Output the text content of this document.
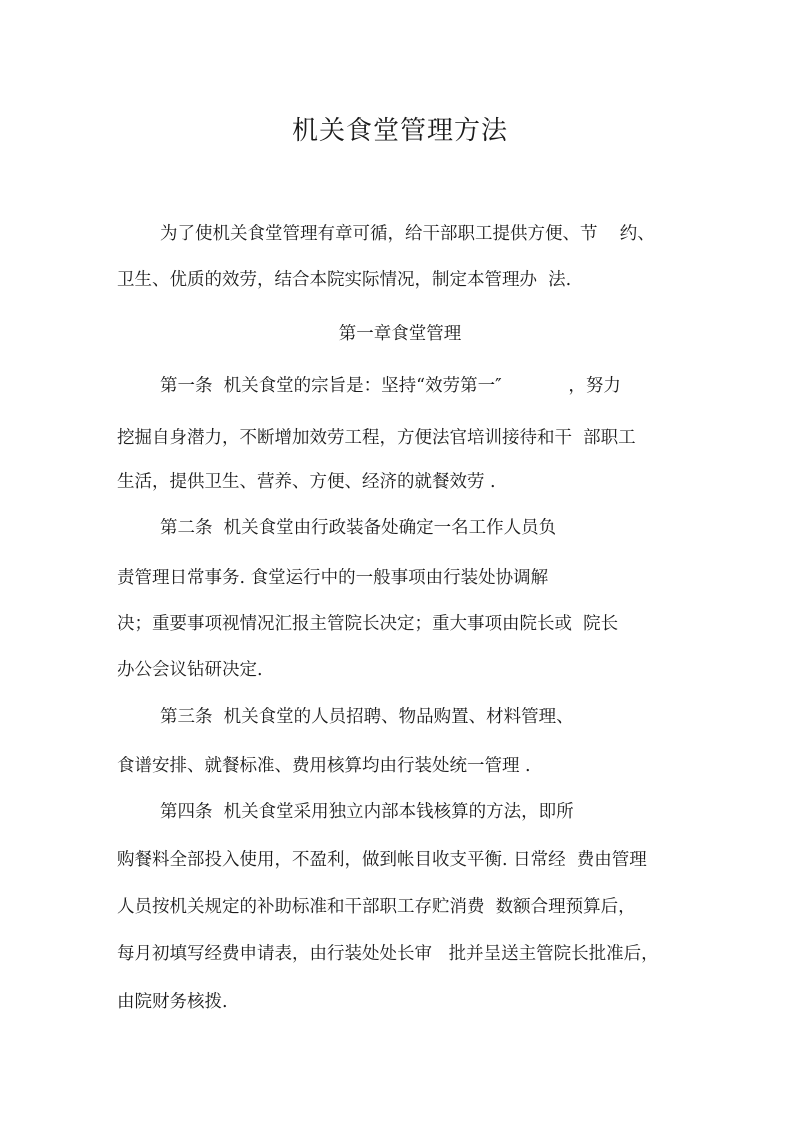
机关食堂管理方法
为了使机关食堂管理有章可循，给干部职工提供方便、节    约、
卫生、优质的效劳，结合本院实际情况，制定本管理办  法.
第一章食堂管理
第一条  机关食堂的宗旨是：坚持“效劳第一″            ，努力
挖掘自身潜力，不断增加效劳工程，方便法官培训接待和干  部职工
生活，提供卫生、营养、方便、经济的就餐效劳 .
第二条  机关食堂由行政装备处确定一名工作人员负
责管理日常事务. 食堂运行中的一般事项由行装处协调解
决；重要事项视情况汇报主管院长决定；重大事项由院长或  院长
办公会议钻研决定.
第三条  机关食堂的人员招聘、物品购置、材料管理、
食谱安排、就餐标准、费用核算均由行装处统一管理 .
第四条  机关食堂采用独立内部本钱核算的方法，即所
购餐料全部投入使用，不盈利，做到帐目收支平衡. 日常经  费由管理
人员按机关规定的补助标准和干部职工存贮消费  数额合理预算后，
每月初填写经费申请表，由行装处处长审   批并呈送主管院长批准后，
由院财务核拨.
